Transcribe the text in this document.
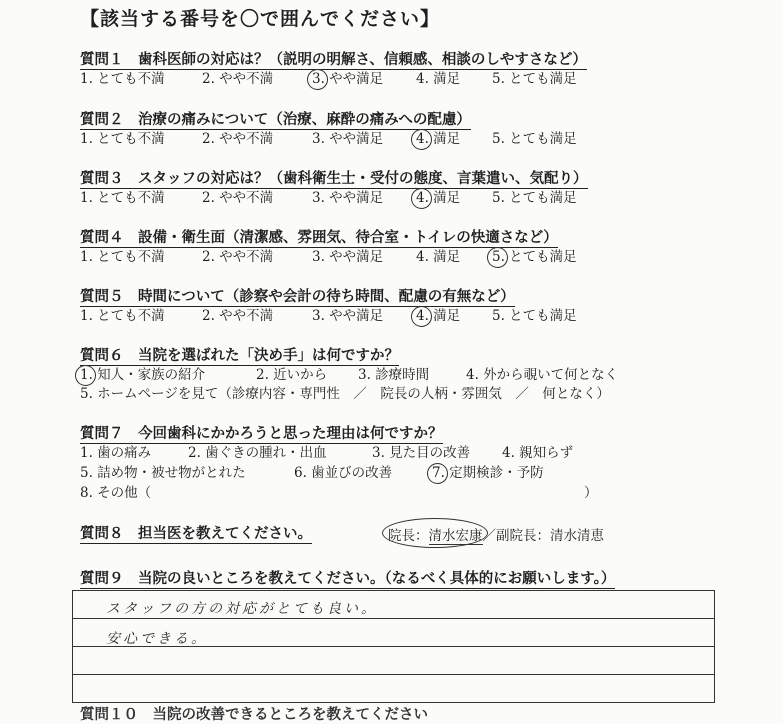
【該当する番号を〇で囲んでください】
質問１　歯科医師の対応は？（説明の明解さ、信頼感、相談のしやすさなど）
1. とても不満	2. やや不満	3. やや満足 4. 満足 5. とても満足
質問２　治療の痛みについて（治療、麻酔の痛みへの配慮）
1. とても不満	2. やや不満	3. やや満足 4. 満足 5. とても満足
質問３　スタッフの対応は？（歯科衛生士・受付の態度、言葉遣い、気配り）
1. とても不満	2. やや不満	3. やや満足 4. 満足 5. とても満足
質問４　設備・衛生面（清潔感、雰囲気、待合室・トイレの快適さなど）
1. とても不満	2. やや不満	3. やや満足 4. 満足 5. とても満足
質問５　時間について（診察や会計の待ち時間、配慮の有無など）
1. とても不満	2. やや不満	3. やや満足 4. 満足 5. とても満足
質問６　当院を選ばれた「決め手」は何ですか？
1. 知人・家族の紹介	2. 近いから 3. 診療時間	4. 外から覗いて何となく
5. ホームページを見て（診療内容・専門性　／　院長の人柄・雰囲気　／　何となく）
質問７　今回歯科にかかろうと思った理由は何ですか？
1. 歯の痛み	2. 歯ぐきの腫れ・出血	3. 見た目の改善 4. 親知らず
5. 詰め物・被せ物がとれた	6. 歯並びの改善	7. 定期検診・予防
8. その他（	）
質問８　担当医を教えてください。	院長：清水宏康／副院長：清水清恵
質問９　当院の良いところを教えてください。（なるべく具体的にお願いします。）
スタッフの方の対応がとても良い。
安心できる。
質問１０　当院の改善できるところを教えてください
